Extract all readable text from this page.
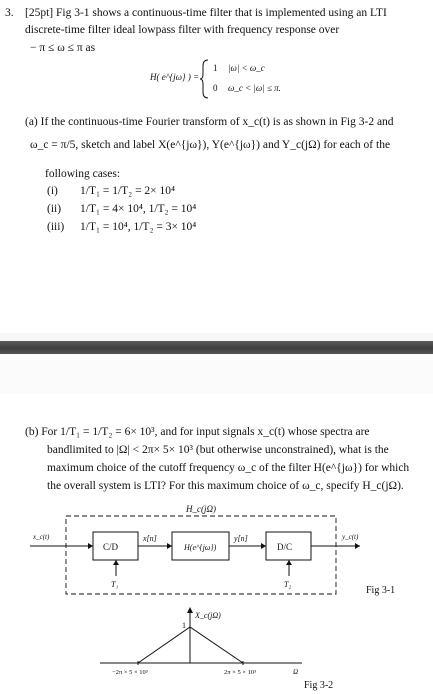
3. [25pt] Fig 3-1 shows a continuous-time filter that is implemented using an LTI
discrete-time filter ideal lowpass filter with frequency response over
− π ≤ ω ≤ π as
H( e^{jω} ) =
1 |ω| < ω_c
0 ω_c < |ω| ≤ π.
(a) If the continuous-time Fourier transform of x_c(t) is as shown in Fig 3-2 and
ω_c = π/5, sketch and label X(e^{jω}), Y(e^{jω}) and Y_c(jΩ) for each of the
following cases:
(i) 1/T₁ = 1/T₂ = 2× 10⁴
(ii) 1/T₁ = 4× 10⁴, 1/T₂ = 10⁴
(iii) 1/T₁ = 10⁴, 1/T₂ = 3× 10⁴
(b) For 1/T₁ = 1/T₂ = 6× 10³, and for input signals x_c(t) whose spectra are
bandlimited to |Ω| < 2π× 5× 10³ (but otherwise unconstrained), what is the
maximum choice of the cutoff frequency ω_c of the filter H(e^{jω}) for which
the overall system is LTI? For this maximum choice of ω_c, specify H_c(jΩ).
H_c(jΩ)
x_c(t)	y_c(t)
C/D	H(e^{jω})	D/C
x[n]	y[n]
T₁	T₂
Fig 3-1
X_c(jΩ)
1
−2π × 5 × 10³	2π × 5 × 10³	Ω
Fig 3-2
